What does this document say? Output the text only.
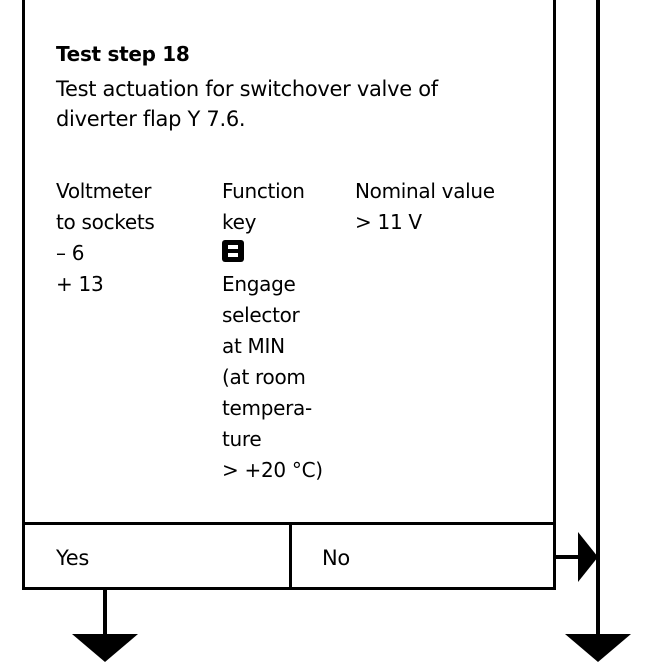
Test step 18
Test actuation for switchover valve of diverter flap Y 7.6.
Voltmeter
to sockets
– 6
+ 13
Function
key
Engage
selector
at MIN
(at room
tempera-
ture
> +20 °C)
Nominal value
> 11 V
Yes	No
